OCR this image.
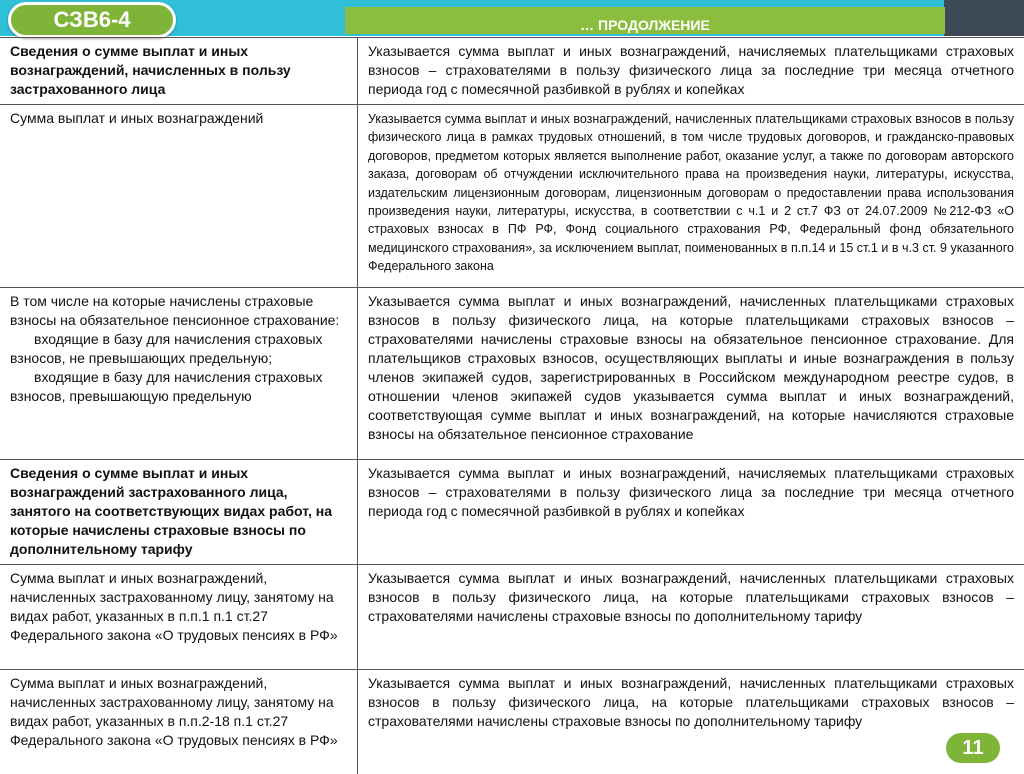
СЗВ6-4	… ПРОДОЛЖЕНИЕ
Сведения о сумме выплат и иных вознаграждений, начисленных в пользу застрахованного лица
Указывается сумма выплат и иных вознаграждений, начисляемых плательщиками страховых взносов – страхователями в пользу физического лица за последние три месяца отчетного периода год с помесячной разбивкой в рублях и копейках
Сумма выплат и иных вознаграждений	Указывается сумма выплат и иных вознаграждений, начисленных плательщиками страховых взносов в пользу физического лица в рамках трудовых отношений, в том числе трудовых договоров, и гражданско-правовых договоров, предметом которых является выполнение работ, оказание услуг, а также по договорам авторского заказа, договорам об отчуждении исключительного права на произведения науки, литературы, искусства, издательским лицензионным договорам, лицензионным договорам о предоставлении права использования произведения науки, литературы, искусства, в соответствии с ч.1 и 2 ст.7 ФЗ от 24.07.2009 №212-ФЗ «О страховых взносах в ПФ РФ, Фонд социального страхования РФ, Федеральный фонд обязательного медицинского страхования», за исключением выплат, поименованных в п.п.14 и 15 ст.1 и в ч.3 ст. 9 указанного Федерального закона
В том числе на которые начислены страховые взносы на обязательное пенсионное страхование:
входящие в базу для начисления страховых взносов, не превышающих предельную;
входящие в базу для начисления страховых взносов, превышающую предельную
Указывается сумма выплат и иных вознаграждений, начисленных плательщиками страховых взносов в пользу физического лица, на которые плательщиками страховых взносов – страхователями начислены страховые взносы на обязательное пенсионное страхование. Для плательщиков страховых взносов, осуществляющих выплаты и иные вознаграждения в пользу членов экипажей судов, зарегистрированных в Российском международном реестре судов, в отношении членов экипажей судов указывается сумма выплат и иных вознаграждений, соответствующая сумме выплат и иных вознаграждений, на которые начисляются страховые взносы на обязательное пенсионное страхование
Сведения о сумме выплат и иных вознаграждений застрахованного лица, занятого на соответствующих видах работ, на которые начислены страховые взносы по дополнительному тарифу
Указывается сумма выплат и иных вознаграждений, начисляемых плательщиками страховых взносов – страхователями в пользу физического лица за последние три месяца отчетного периода год с помесячной разбивкой в рублях и копейках
Сумма выплат и иных вознаграждений, начисленных застрахованному лицу, занятому на видах работ, указанных в п.п.1 п.1 ст.27 Федерального закона «О трудовых пенсиях в РФ»
Указывается сумма выплат и иных вознаграждений, начисленных плательщиками страховых взносов в пользу физического лица, на которые плательщиками страховых взносов – страхователями начислены страховые взносы по дополнительному тарифу
Сумма выплат и иных вознаграждений, начисленных застрахованному лицу, занятому на видах работ, указанных в п.п.2-18 п.1 ст.27 Федерального закона «О трудовых пенсиях в РФ»
Указывается сумма выплат и иных вознаграждений, начисленных плательщиками страховых взносов в пользу физического лица, на которые плательщиками страховых взносов – страхователями начислены страховые взносы по дополнительному тарифу
11
